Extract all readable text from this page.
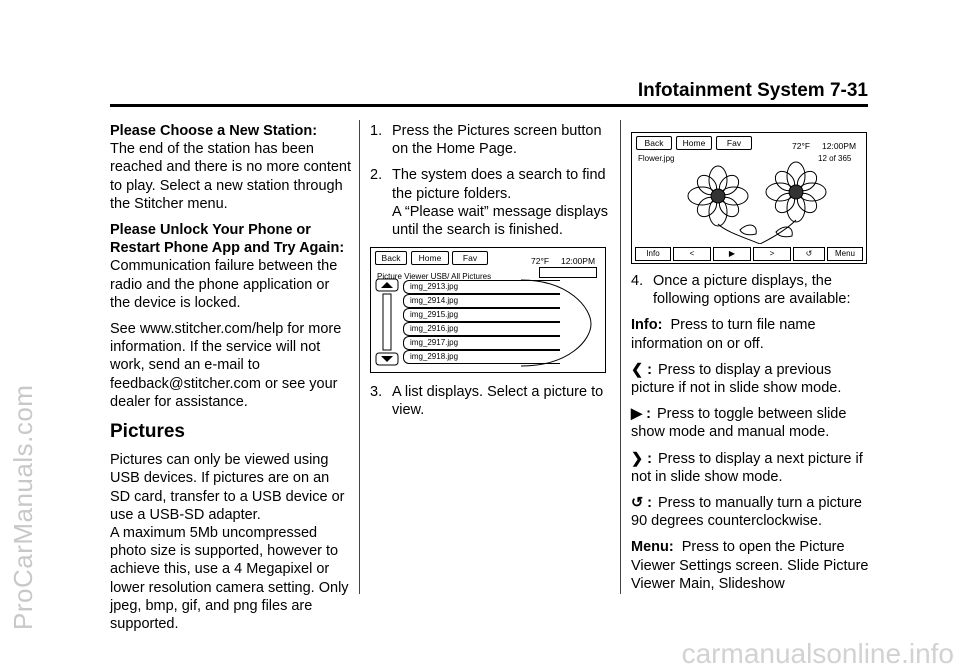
ProCarManuals.com
carmanualsonline.info
Infotainment System 7-31

Please Choose a New Station:
The end of the station has been reached and there is no more content to play. Select a new station through the Stitcher menu.

Please Unlock Your Phone or Restart Phone App and Try Again:  Communication failure between the radio and the phone application or the device is locked.

See www.stitcher.com/help for more information. If the service will not work, send an e-mail to feedback@stitcher.com or see your dealer for assistance.

Pictures

Pictures can only be viewed using USB devices. If pictures are on an SD card, transfer to a USB device or use a USB-SD adapter.

A maximum 5Mb uncompressed photo size is supported, however to achieve this, use a 4 Megapixel or lower resolution camera setting. Only jpeg, bmp, gif, and png files are supported.

1. Press the Pictures screen button on the Home Page.
2. The system does a search to find the picture folders.
A “Please wait” message displays until the search is finished.
Back	Home	Fav	72°F 12:00PM
Picture Viewer USB/ All Pictures
img_2913.jpg
img_2914.jpg
img_2915.jpg
img_2916.jpg
img_2917.jpg
img_2918.jpg
3. A list displays. Select a picture to view.
Back	Home	Fav	72°F 12:00PM
Flower.jpg	12 of 365
Info	<	▶	>	↺	Menu
4. Once a picture displays, the following options are available:

Info: Press to turn file name information on or off.

❮ : Press to display a previous picture if not in slide show mode.

▶ : Press to toggle between slide show mode and manual mode.

❯ : Press to display a next picture if not in slide show mode.

↺ : Press to manually turn a picture 90 degrees counterclockwise.

Menu: Press to open the Picture Viewer Settings screen. Slide Picture Viewer Main, Slideshow
